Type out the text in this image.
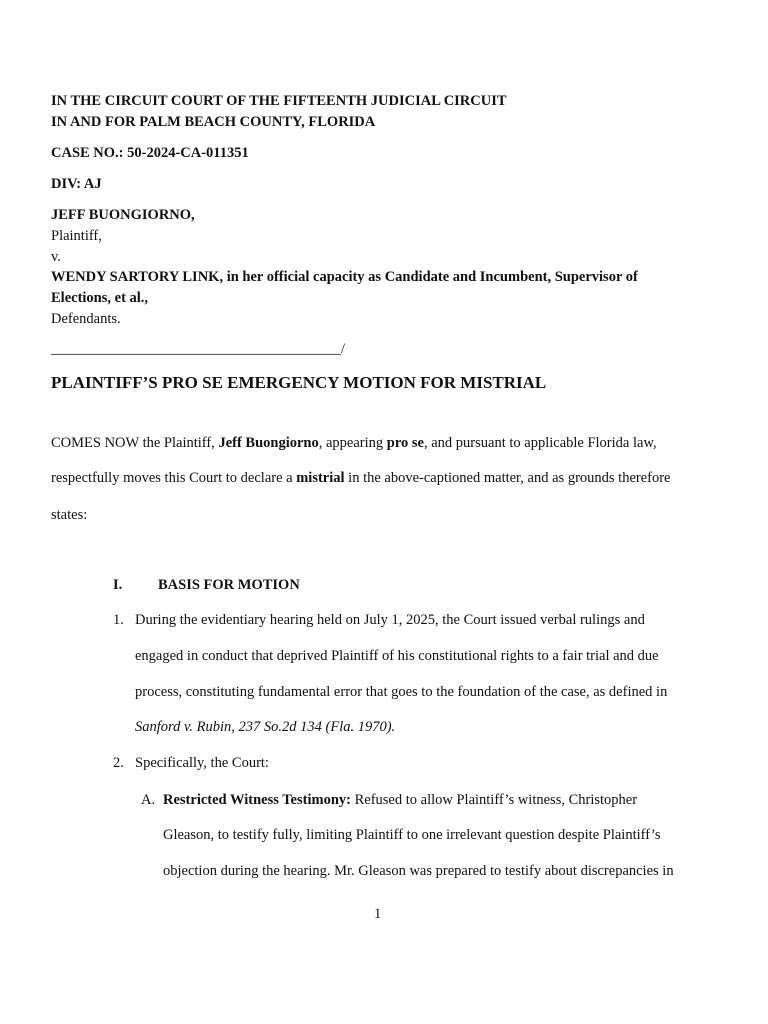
IN THE CIRCUIT COURT OF THE FIFTEENTH JUDICIAL CIRCUIT
IN AND FOR PALM BEACH COUNTY, FLORIDA
CASE NO.: 50-2024-CA-011351
DIV: AJ
JEFF BUONGIORNO,
Plaintiff,
v.
WENDY SARTORY LINK, in her official capacity as Candidate and Incumbent, Supervisor of
Elections, et al.,
Defendants.
________________________________________/
PLAINTIFF’S PRO SE EMERGENCY MOTION FOR MISTRIAL
COMES NOW the Plaintiff, Jeff Buongiorno, appearing pro se, and pursuant to applicable Florida law,
respectfully moves this Court to declare a mistrial in the above-captioned matter, and as grounds therefore
states:
I. BASIS FOR MOTION
1. During the evidentiary hearing held on July 1, 2025, the Court issued verbal rulings and
engaged in conduct that deprived Plaintiff of his constitutional rights to a fair trial and due
process, constituting fundamental error that goes to the foundation of the case, as defined in
Sanford v. Rubin, 237 So.2d 134 (Fla. 1970).
2. Specifically, the Court:
A. Restricted Witness Testimony: Refused to allow Plaintiff’s witness, Christopher
Gleason, to testify fully, limiting Plaintiff to one irrelevant question despite Plaintiff’s
objection during the hearing. Mr. Gleason was prepared to testify about discrepancies in
1
